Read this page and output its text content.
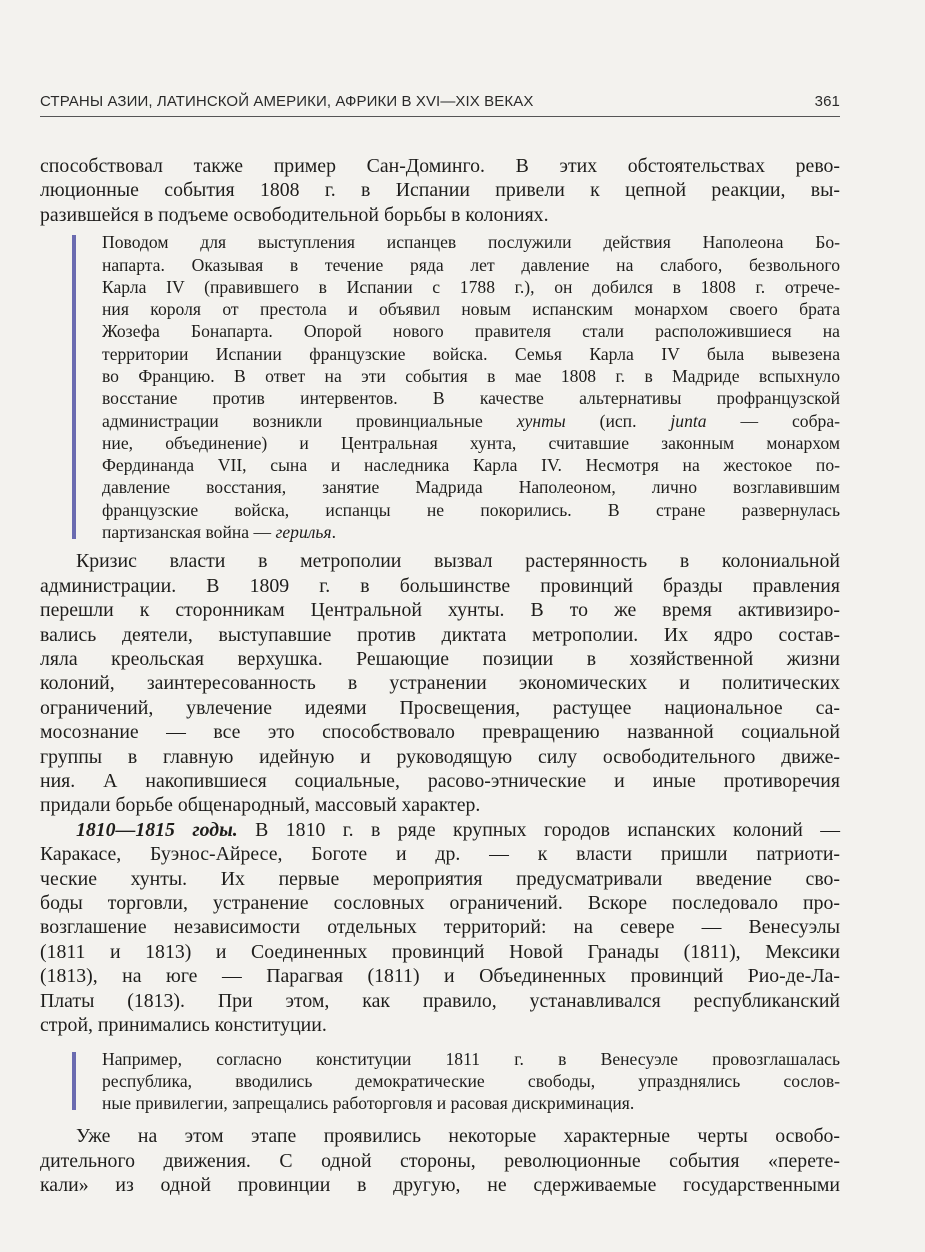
СТРАНЫ АЗИИ, ЛАТИНСКОЙ АМЕРИКИ, АФРИКИ В XVI—XIX ВЕКАХ	361

способствовал также пример Сан-Доминго. В этих обстоятельствах рево-
люционные события 1808 г. в Испании привели к цепной реакции, вы-
разившейся в подъеме освободительной борьбы в колониях.

Поводом для выступления испанцев послужили действия Наполеона Бо-
напарта. Оказывая в течение ряда лет давление на слабого, безвольного
Карла IV (правившего в Испании с 1788 г.), он добился в 1808 г. отрече-
ния короля от престола и объявил новым испанским монархом своего брата
Жозефа Бонапарта. Опорой нового правителя стали расположившиеся на
территории Испании французские войска. Семья Карла IV была вывезена
во Францию. В ответ на эти события в мае 1808 г. в Мадриде вспыхнуло
восстание против интервентов. В качестве альтернативы профранцузской
администрации возникли провинциальные хунты (исп. junta — собра-
ние, объединение) и Центральная хунта, считавшие законным монархом
Фердинанда VII, сына и наследника Карла IV. Несмотря на жестокое по-
давление восстания, занятие Мадрида Наполеоном, лично возглавившим
французские войска, испанцы не покорились. В стране развернулась
партизанская война — герилья.

Кризис власти в метрополии вызвал растерянность в колониальной
администрации. В 1809 г. в большинстве провинций бразды правления
перешли к сторонникам Центральной хунты. В то же время активизиро-
вались деятели, выступавшие против диктата метрополии. Их ядро состав-
ляла креольская верхушка. Решающие позиции в хозяйственной жизни
колоний, заинтересованность в устранении экономических и политических
ограничений, увлечение идеями Просвещения, растущее национальное са-
мосознание — все это способствовало превращению названной социальной
группы в главную идейную и руководящую силу освободительного движе-
ния. А накопившиеся социальные, расово-этнические и иные противоречия
придали борьбе общенародный, массовый характер.

1810—1815 годы. В 1810 г. в ряде крупных городов испанских колоний —
Каракасе, Буэнос-Айресе, Боготе и др. — к власти пришли патриоти-
ческие хунты. Их первые мероприятия предусматривали введение сво-
боды торговли, устранение сословных ограничений. Вскоре последовало про-
возглашение независимости отдельных территорий: на севере — Венесуэлы
(1811 и 1813) и Соединенных провинций Новой Гранады (1811), Мексики
(1813), на юге — Парагвая (1811) и Объединенных провинций Рио-де-Ла-
Платы (1813). При этом, как правило, устанавливался республиканский
строй, принимались конституции.

Например, согласно конституции 1811 г. в Венесуэле провозглашалась
республика, вводились демократические свободы, упразднялись сослов-
ные привилегии, запрещались работорговля и расовая дискриминация.

Уже на этом этапе проявились некоторые характерные черты освобо-
дительного движения. С одной стороны, революционные события «перете-
кали» из одной провинции в другую, не сдерживаемые государственными
